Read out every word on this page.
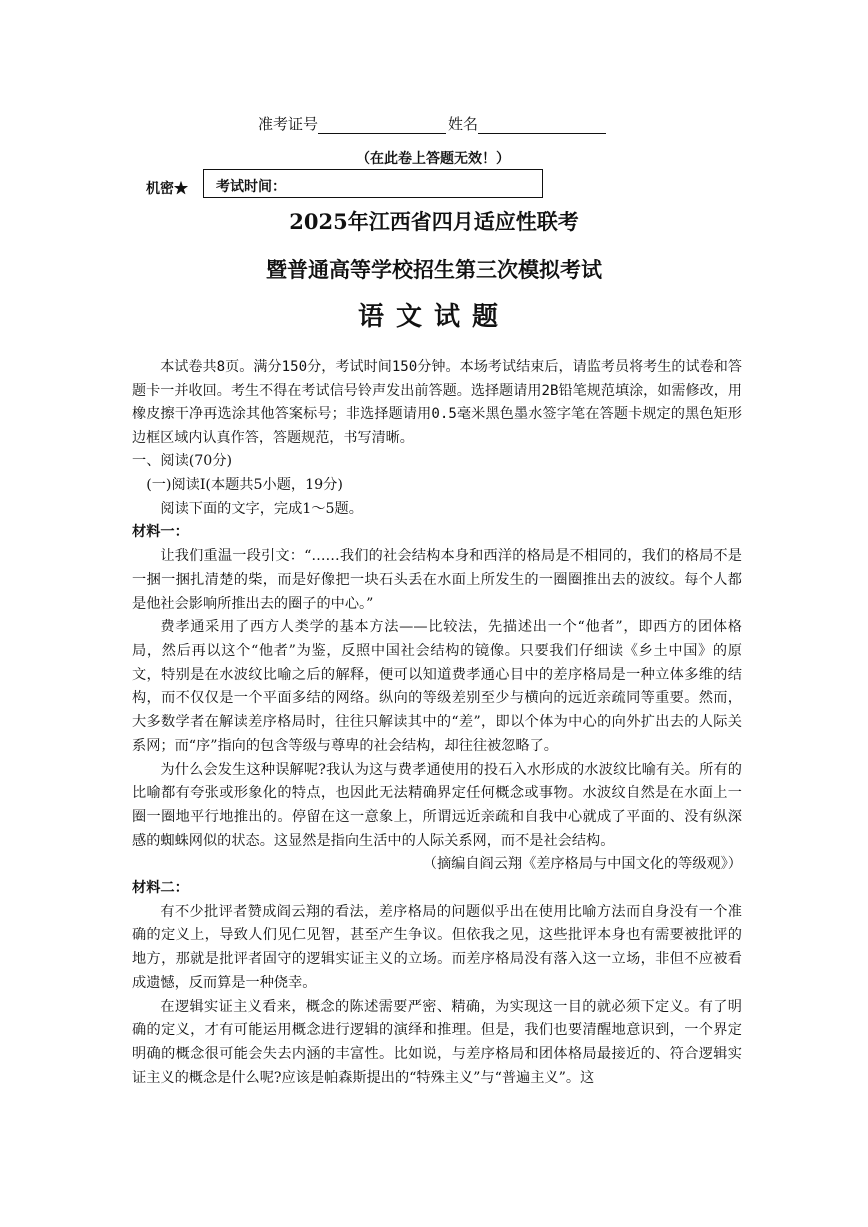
准考证号	姓名
（在此卷上答题无效！）
机密★ 考试时间：
2025年江西省四月适应性联考
暨普通高等学校招生第三次模拟考试
语文试题

本试卷共8页。满分150分，考试时间150分钟。本场考试结束后，请监考员将考生的试卷和答题卡一并收回。考生不得在考试信号铃声发出前答题。选择题请用2B铅笔规范填涂，如需修改，用橡皮擦干净再选涂其他答案标号；非选择题请用0.5毫米黑色墨水签字笔在答题卡规定的黑色矩形边框区域内认真作答，答题规范，书写清晰。

一、阅读(70分)

(一)阅读Ⅰ(本题共5小题，19分)

阅读下面的文字，完成1～5题。

材料一：

让我们重温一段引文：“……我们的社会结构本身和西洋的格局是不相同的，我们的格局不是一捆一捆扎清楚的柴，而是好像把一块石头丢在水面上所发生的一圈圈推出去的波纹。每个人都是他社会影响所推出去的圈子的中心。”

费孝通采用了西方人类学的基本方法——比较法，先描述出一个“他者”，即西方的团体格局，然后再以这个“他者”为鉴，反照中国社会结构的镜像。只要我们仔细读《乡土中国》的原文，特别是在水波纹比喻之后的解释，便可以知道费孝通心目中的差序格局是一种立体多维的结构，而不仅仅是一个平面多结的网络。纵向的等级差别至少与横向的远近亲疏同等重要。然而，大多数学者在解读差序格局时，往往只解读其中的“差”，即以个体为中心的向外扩出去的人际关系网；而“序”指向的包含等级与尊卑的社会结构，却往往被忽略了。

为什么会发生这种误解呢?我认为这与费孝通使用的投石入水形成的水波纹比喻有关。所有的比喻都有夸张或形象化的特点，也因此无法精确界定任何概念或事物。水波纹自然是在水面上一圈一圈地平行地推出的。停留在这一意象上，所谓远近亲疏和自我中心就成了平面的、没有纵深感的蜘蛛网似的状态。这显然是指向生活中的人际关系网，而不是社会结构。

（摘编自阎云翔《差序格局与中国文化的等级观》）

材料二：

有不少批评者赞成阎云翔的看法，差序格局的问题似乎出在使用比喻方法而自身没有一个准确的定义上，导致人们见仁见智，甚至产生争议。但依我之见，这些批评本身也有需要被批评的地方，那就是批评者固守的逻辑实证主义的立场。而差序格局没有落入这一立场，非但不应被看成遗憾，反而算是一种侥幸。

在逻辑实证主义看来，概念的陈述需要严密、精确，为实现这一目的就必须下定义。有了明确的定义，才有可能运用概念进行逻辑的演绎和推理。但是，我们也要清醒地意识到，一个界定明确的概念很可能会失去内涵的丰富性。比如说，与差序格局和团体格局最接近的、符合逻辑实证主义的概念是什么呢?应该是帕森斯提出的“特殊主义”与“普遍主义”。这
